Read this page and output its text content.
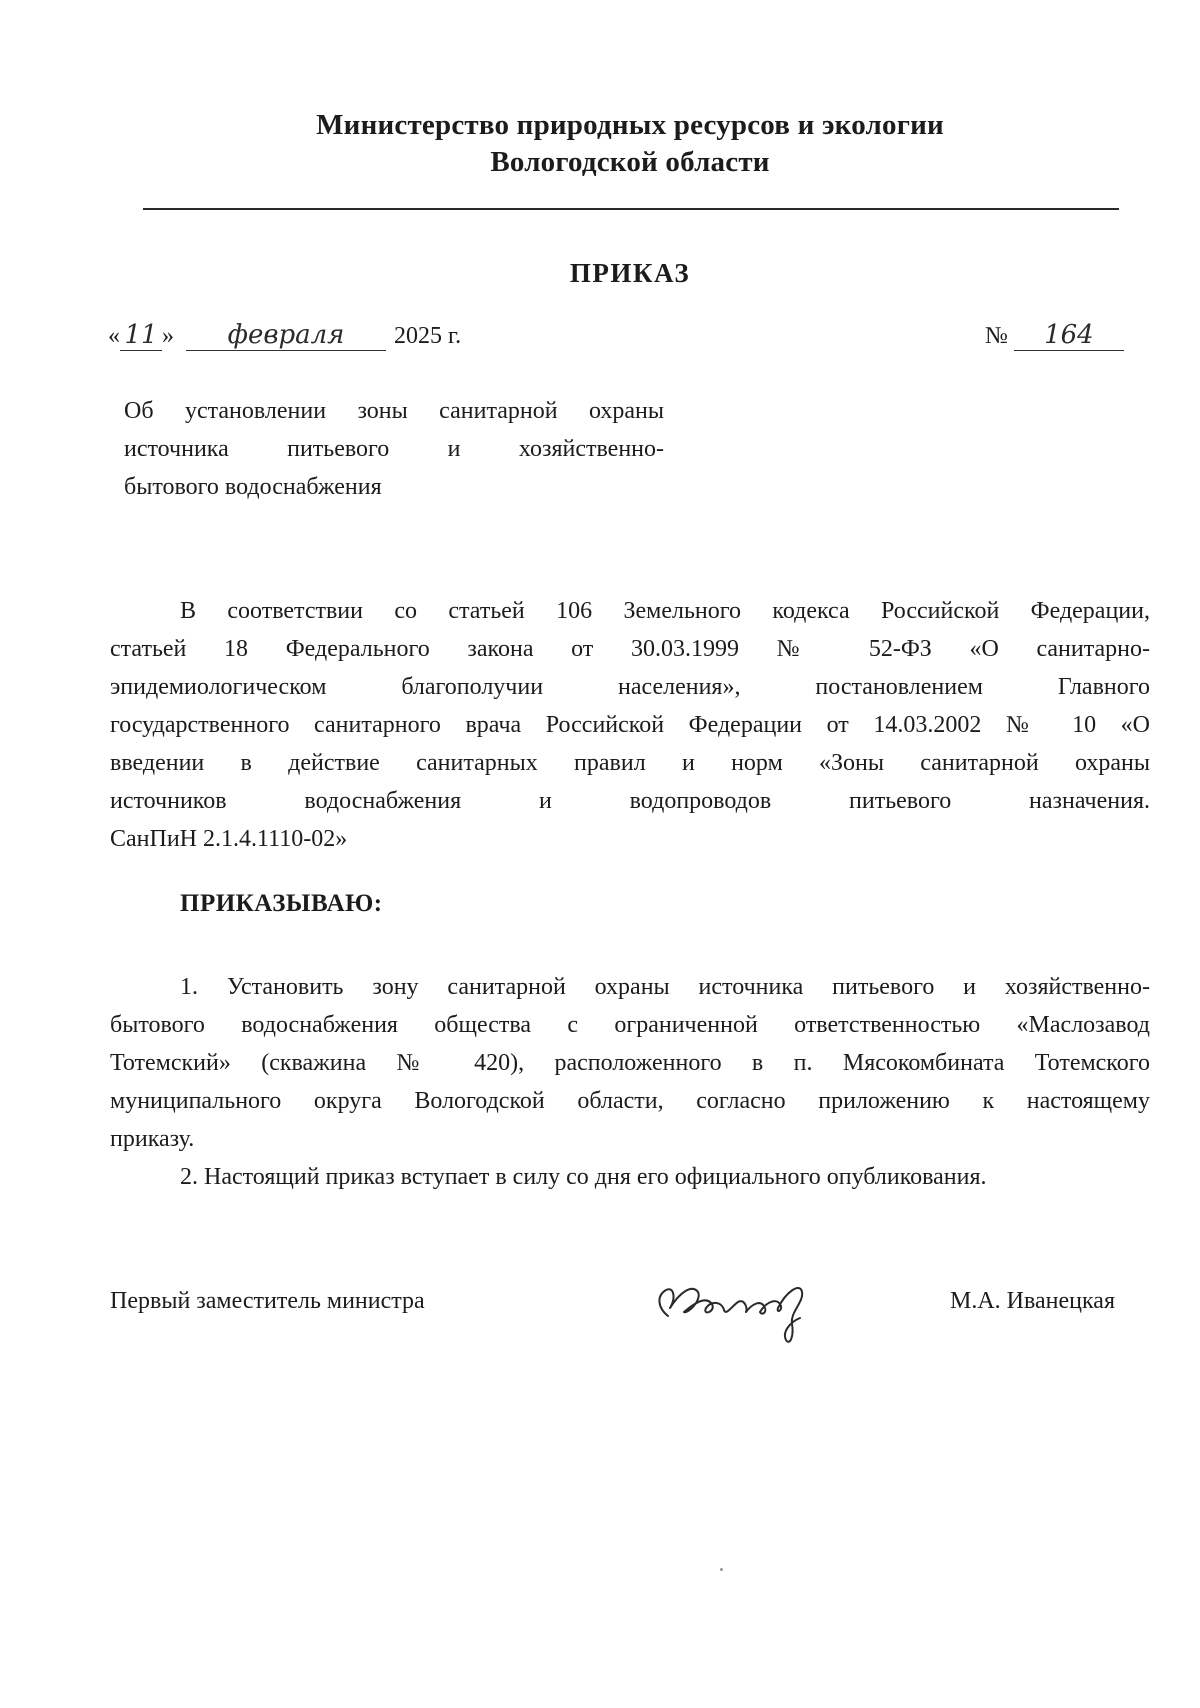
Министерство природных ресурсов и экологии
Вологодской области
ПРИКАЗ
« 11 » февраля 2025 г.	№ 164
Об установлении зоны санитарной охраны
источника питьевого и хозяйственно-
бытового водоснабжения
В соответствии со статьей 106 Земельного кодекса Российской Федерации,
статьей 18 Федерального закона от 30.03.1999 № 52-ФЗ «О санитарно-
эпидемиологическом благополучии населения», постановлением Главного
государственного санитарного врача Российской Федерации от 14.03.2002 № 10 «О
введении в действие санитарных правил и норм «Зоны санитарной охраны
источников водоснабжения и водопроводов питьевого назначения.
СанПиН 2.1.4.1110-02»
ПРИКАЗЫВАЮ:
1. Установить зону санитарной охраны источника питьевого и хозяйственно-
бытового водоснабжения общества с ограниченной ответственностью «Маслозавод
Тотемский» (скважина № 420), расположенного в п. Мясокомбината Тотемского
муниципального округа Вологодской области, согласно приложению к настоящему
приказу.
2. Настоящий приказ вступает в силу со дня его официального опубликования.
Первый заместитель министра	М.А. Иванецкая
